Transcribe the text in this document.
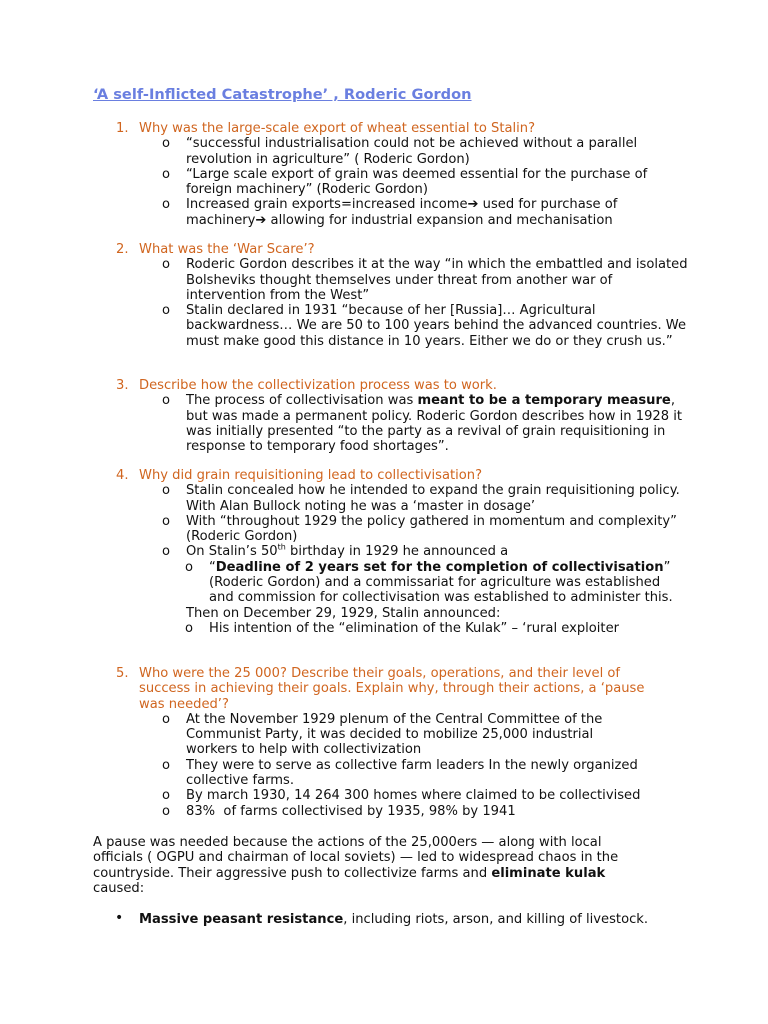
‘A self-Inflicted Catastrophe’ , Roderic Gordon
1. Why was the large-scale export of wheat essential to Stalin?
o “successful industrialisation could not be achieved without a parallel revolution in agriculture” ( Roderic Gordon)
o “Large scale export of grain was deemed essential for the purchase of foreign machinery” (Roderic Gordon)
o Increased grain exports=increased income➔ used for purchase of machinery➔ allowing for industrial expansion and mechanisation
2. What was the ‘War Scare’?
o Roderic Gordon describes it at the way “in which the embattled and isolated Bolsheviks thought themselves under threat from another war of intervention from the West”
o Stalin declared in 1931 “because of her [Russia]… Agricultural backwardness… We are 50 to 100 years behind the advanced countries. We must make good this distance in 10 years. Either we do or they crush us.”
3. Describe how the collectivization process was to work.
o The process of collectivisation was meant to be a temporary measure, but was made a permanent policy. Roderic Gordon describes how in 1928 it was initially presented “to the party as a revival of grain requisitioning in response to temporary food shortages”.
4. Why did grain requisitioning lead to collectivisation?
o Stalin concealed how he intended to expand the grain requisitioning policy. With Alan Bullock noting he was a ‘master in dosage’
o With “throughout 1929 the policy gathered in momentum and complexity” (Roderic Gordon)
o On Stalin’s 50th birthday in 1929 he announced a
o “Deadline of 2 years set for the completion of collectivisation” (Roderic Gordon) and a commissariat for agriculture was established and commission for collectivisation was established to administer this.
Then on December 29, 1929, Stalin announced:
o His intention of the “elimination of the Kulak” – ‘rural exploiter
5. Who were the 25 000? Describe their goals, operations, and their level of success in achieving their goals. Explain why, through their actions, a ‘pause was needed’?
o At the November 1929 plenum of the Central Committee of the Communist Party, it was decided to mobilize 25,000 industrial workers to help with collectivization
o They were to serve as collective farm leaders In the newly organized collective farms.
o By march 1930, 14 264 300 homes where claimed to be collectivised
o 83%  of farms collectivised by 1935, 98% by 1941
A pause was needed because the actions of the 25,000ers — along with local officials ( OGPU and chairman of local soviets) — led to widespread chaos in the countryside. Their aggressive push to collectivize farms and eliminate kulak caused:
• Massive peasant resistance, including riots, arson, and killing of livestock.
